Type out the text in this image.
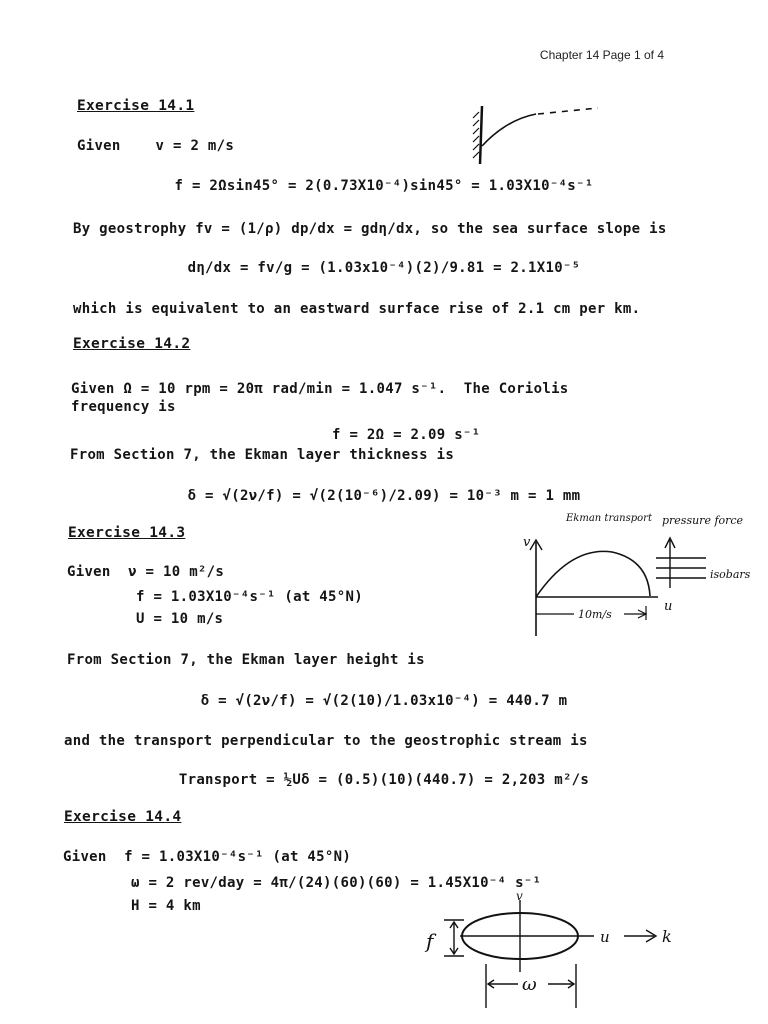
Chapter 14 Page 1 of 4
Exercise 14.1
Given    v = 2 m/s
f = 2Ωsin45° = 2(0.73X10⁻⁴)sin45° = 1.03X10⁻⁴s⁻¹
By geostrophy fv = (1/ρ) dp/dx = gdη/dx, so the sea surface slope is
dη/dx = fv/g = (1.03x10⁻⁴)(2)/9.81 = 2.1X10⁻⁵
which is equivalent to an eastward surface rise of 2.1 cm per km.
Exercise 14.2
Given Ω = 10 rpm = 20π rad/min = 1.047 s⁻¹.  The Coriolis
frequency is
f = 2Ω = 2.09 s⁻¹
From Section 7, the Ekman layer thickness is
δ = √(2ν/f) = √(2(10⁻⁶)/2.09) = 10⁻³ m = 1 mm
Exercise 14.3
Given  ν = 10 m²/s
f = 1.03X10⁻⁴s⁻¹ (at 45°N)
U = 10 m/s
v
u
Ekman transport pressure force
isobars
10m/s
From Section 7, the Ekman layer height is
δ = √(2ν/f) = √(2(10)/1.03x10⁻⁴) = 440.7 m
and the transport perpendicular to the geostrophic stream is
Transport = ½Uδ = (0.5)(10)(440.7) = 2,203 m²/s
Exercise 14.4
Given  f = 1.03X10⁻⁴s⁻¹ (at 45°N)
ω = 2 rev/day = 4π/(24)(60)(60) = 1.45X10⁻⁴ s⁻¹
H = 4 km
v
u	k
f
ω
